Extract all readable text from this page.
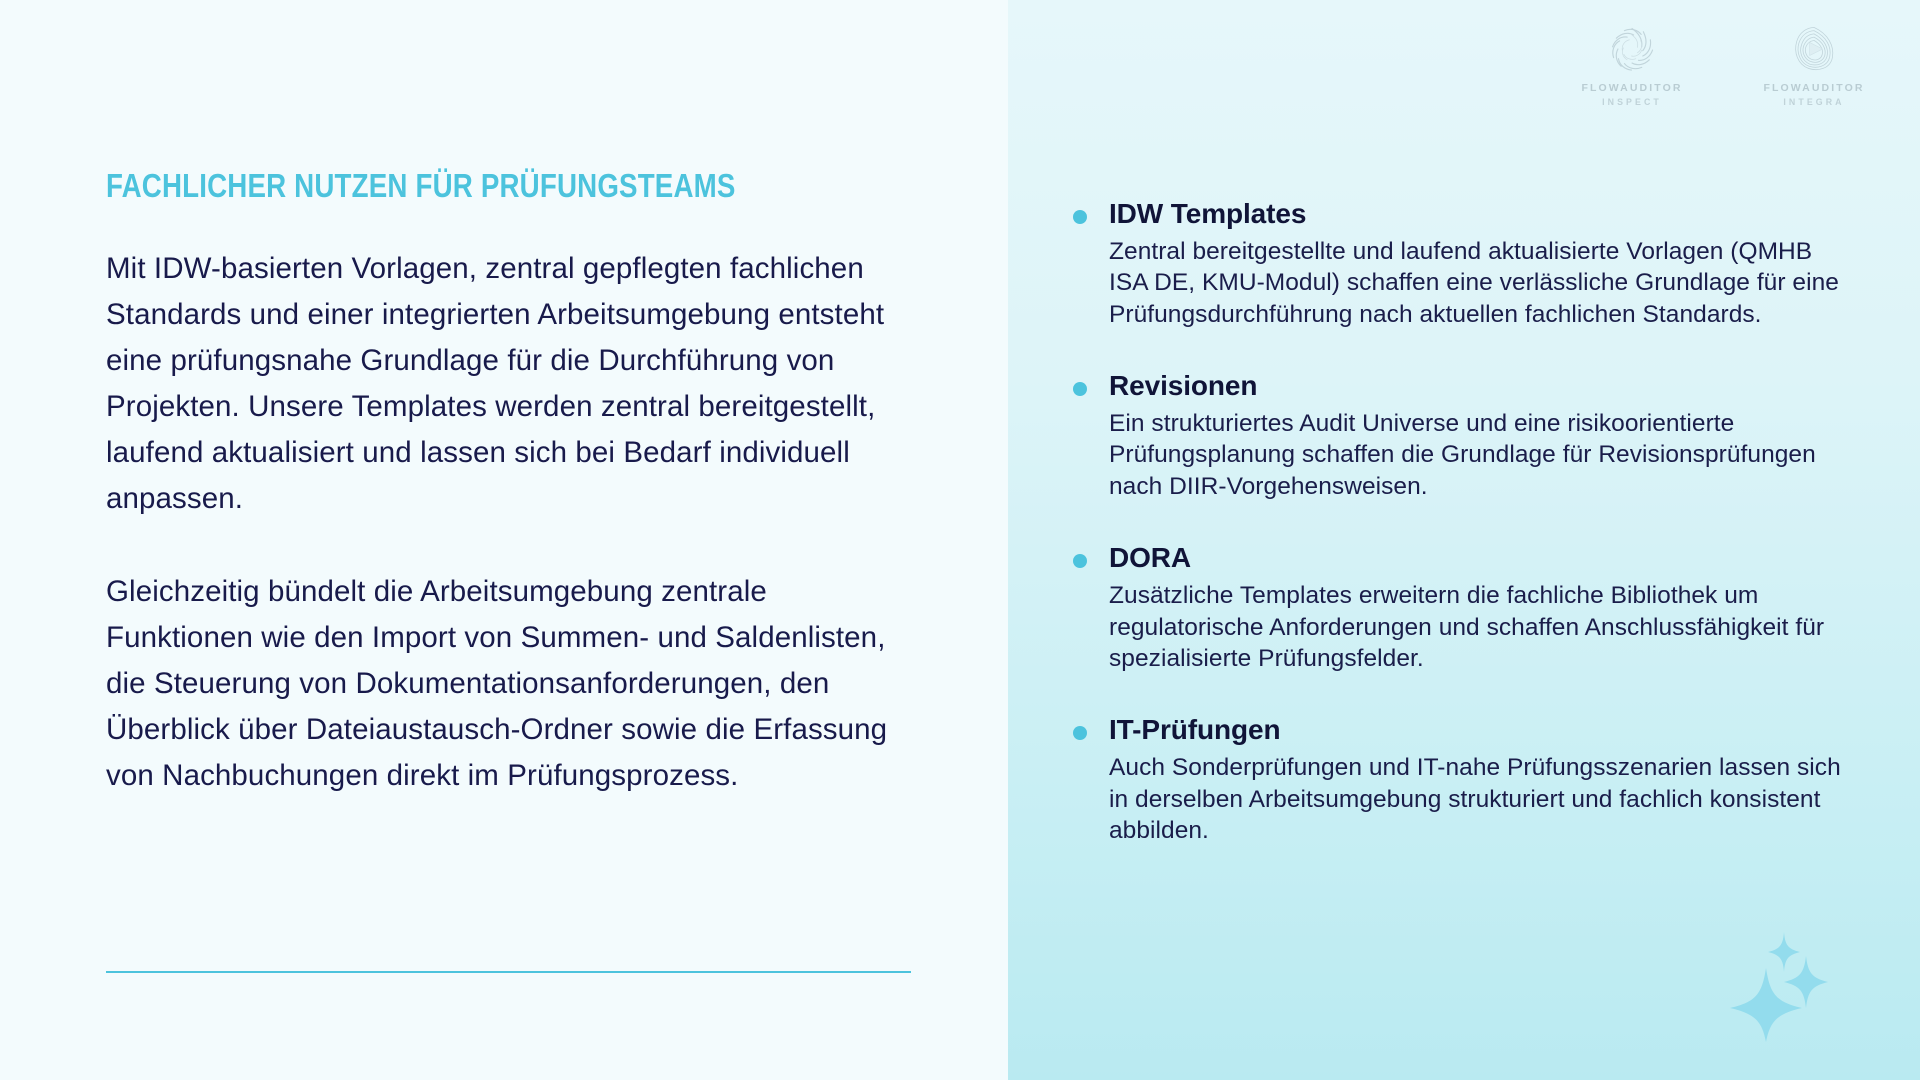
FACHLICHER NUTZEN FÜR PRÜFUNGSTEAMS

Mit IDW-basierten Vorlagen, zentral gepflegten fachlichen Standards und einer integrierten Arbeitsumgebung entsteht eine prüfungsnahe Grundlage für die Durchführung von Projekten. Unsere Templates werden zentral bereitgestellt, laufend aktualisiert und lassen sich bei Bedarf individuell anpassen.

Gleichzeitig bündelt die Arbeitsumgebung zentrale Funktionen wie den Import von Summen- und Saldenlisten, die Steuerung von Dokumentationsanforderungen, den Überblick über Dateiaustausch-Ordner sowie die Erfassung von Nachbuchungen direkt im Prüfungsprozess.

FLOWAUDITOR
INSPECT
FLOWAUDITOR
INTEGRA
IDW Templates
Zentral bereitgestellte und laufend aktualisierte Vorlagen (QMHB ISA DE, KMU-Modul) schaffen eine verlässliche Grundlage für eine Prüfungsdurchführung nach aktuellen fachlichen Standards.
Revisionen
Ein strukturiertes Audit Universe und eine risikoorientierte Prüfungsplanung schaffen die Grundlage für Revisionsprüfungen nach DIIR-Vorgehensweisen.
DORA
Zusätzliche Templates erweitern die fachliche Bibliothek um regulatorische Anforderungen und schaffen Anschlussfähigkeit für spezialisierte Prüfungsfelder.
IT-Prüfungen
Auch Sonderprüfungen und IT-nahe Prüfungsszenarien lassen sich in derselben Arbeitsumgebung strukturiert und fachlich konsistent abbilden.
